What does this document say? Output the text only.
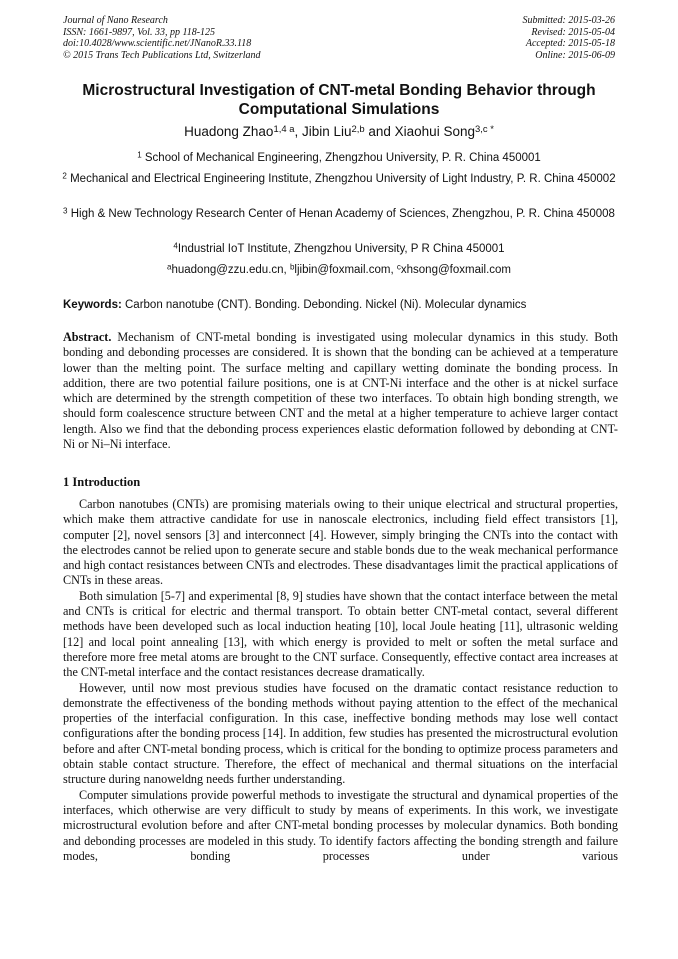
Journal of Nano Research
ISSN: 1661-9897, Vol. 33, pp 118-125
doi:10.4028/www.scientific.net/JNanoR.33.118
© 2015 Trans Tech Publications Ltd, Switzerland
Submitted: 2015-03-26
Revised: 2015-05-04
Accepted: 2015-05-18
Online: 2015-06-09
Microstructural Investigation of CNT-metal Bonding Behavior through Computational Simulations
Huadong Zhao$^{1,4 a}$, Jibin Liu$^{2,b}$ and Xiaohui Song$^{3,c *}$
$^1$ School of Mechanical Engineering, Zhengzhou University, P. R. China 450001
$^2$ Mechanical and Electrical Engineering Institute, Zhengzhou University of Light Industry, P. R. China 450002
$^3$ High & New Technology Research Center of Henan Academy of Sciences, Zhengzhou, P. R. China 450008
$^4$Industrial IoT Institute, Zhengzhou University, P R China 450001
$^a$huadong@zzu.edu.cn, $^b$ljibin@foxmail.com, $^c$xhsong@foxmail.com
Keywords: Carbon nanotube (CNT). Bonding. Debonding. Nickel (Ni). Molecular dynamics
Abstract. Mechanism of CNT-metal bonding is investigated using molecular dynamics in this study. Both bonding and debonding processes are considered. It is shown that the bonding can be achieved at a temperature lower than the melting point. The surface melting and capillary wetting dominate the bonding process. In addition, there are two potential failure positions, one is at CNT-Ni interface and the other is at nickel surface which are determined by the strength competition of these two interfaces. To obtain high bonding strength, we should form coalescence structure between CNT and the metal at a higher temperature to achieve larger contact length. Also we find that the debonding process experiences elastic deformation followed by debonding at CNT-Ni or Ni–Ni interface.
1 Introduction

Carbon nanotubes (CNTs) are promising materials owing to their unique electrical and structural properties, which make them attractive candidate for use in nanoscale electronics, including field effect transistors [1], computer [2], novel sensors [3] and interconnect [4]. However, simply bringing the CNTs into the contact with the electrodes cannot be relied upon to generate secure and stable bonds due to the weak mechanical performance and high contact resistances between CNTs and electrodes. These disadvantages limit the practical applications of CNTs in these areas.

Both simulation [5-7] and experimental [8, 9] studies have shown that the contact interface between the metal and CNTs is critical for electric and thermal transport. To obtain better CNT-metal contact, several different methods have been developed such as local induction heating [10], local Joule heating [11], ultrasonic welding [12] and local point annealing [13], with which energy is provided to melt or soften the metal surface and therefore more free metal atoms are brought to the CNT surface. Consequently, effective contact area increases at the CNT-metal interface and the contact resistances decrease dramatically.

However, until now most previous studies have focused on the dramatic contact resistance reduction to demonstrate the effectiveness of the bonding methods without paying attention to the effect of the mechanical properties of the interfacial configuration. In this case, ineffective bonding methods may lose well contact configurations after the bonding process [14]. In addition, few studies has presented the microstructural evolution before and after CNT-metal bonding process, which is critical for the bonding to optimize process parameters and obtain stable contact structure. Therefore, the effect of mechanical and thermal situations on the interfacial structure during nanoweldng needs further understanding.

Computer simulations provide powerful methods to investigate the structural and dynamical properties of the interfaces, which otherwise are very difficult to study by means of experiments. In this work, we investigate microstructural evolution before and after CNT-metal bonding processes by molecular dynamics. Both bonding and debonding processes are modeled in this study. To identify factors affecting the bonding strength and failure modes, bonding processes under various
